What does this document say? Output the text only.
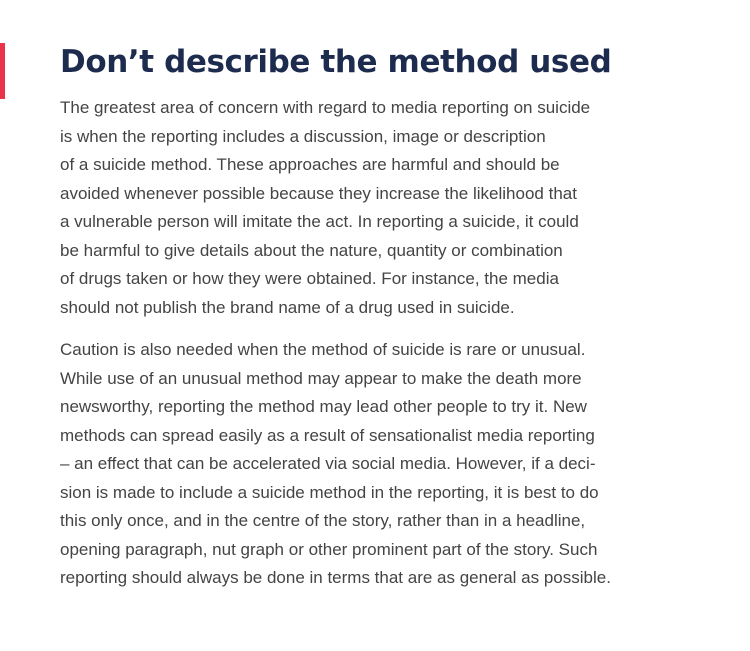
Don’t describe the method used

The greatest area of concern with regard to media reporting on suicide
is when the reporting includes a discussion, image or description
of a suicide method. These approaches are harmful and should be
avoided whenever possible because they increase the likelihood that
a vulnerable person will imitate the act. In reporting a suicide, it could
be harmful to give details about the nature, quantity or combination
of drugs taken or how they were obtained. For instance, the media
should not publish the brand name of a drug used in suicide.

Caution is also needed when the method of suicide is rare or unusual.
While use of an unusual method may appear to make the death more
newsworthy, reporting the method may lead other people to try it. New
methods can spread easily as a result of sensationalist media reporting
– an effect that can be accelerated via social media. However, if a deci-
sion is made to include a suicide method in the reporting, it is best to do
this only once, and in the centre of the story, rather than in a headline,
opening paragraph, nut graph or other prominent part of the story. Such
reporting should always be done in terms that are as general as possible.
